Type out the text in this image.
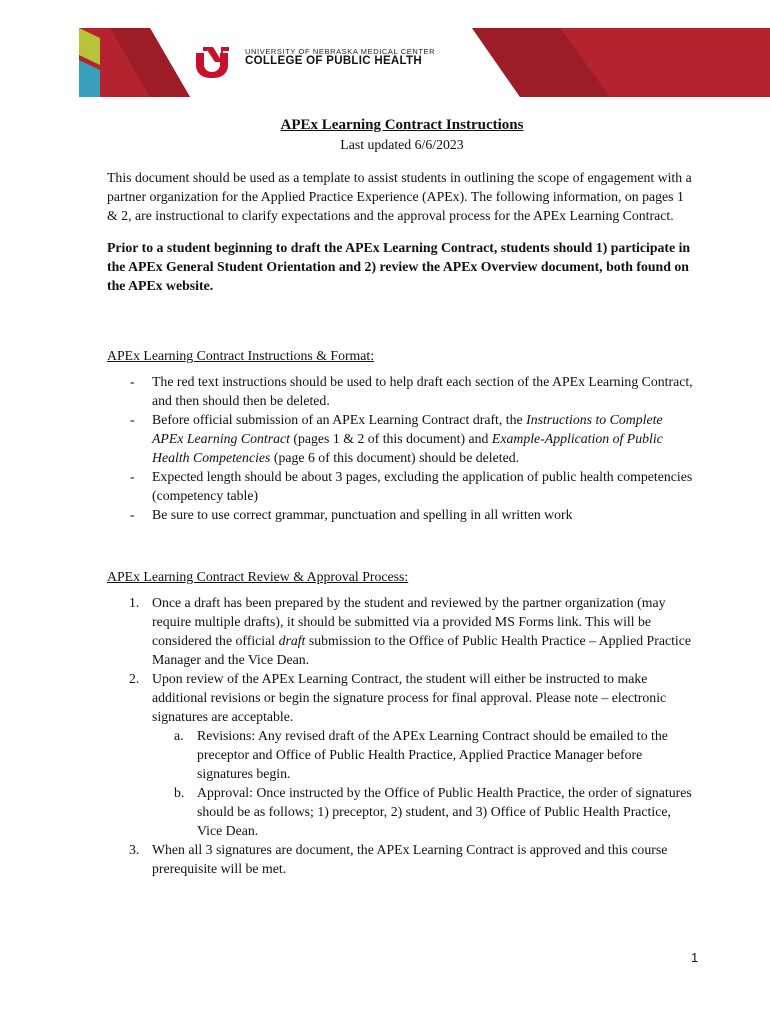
UNIVERSITY OF NEBRASKA MEDICAL CENTER
COLLEGE OF PUBLIC HEALTH

APEx Learning Contract Instructions

Last updated 6/6/2023

This document should be used as a template to assist students in outlining the scope of engagement with a partner organization for the Applied Practice Experience (APEx). The following information, on pages 1 & 2, are instructional to clarify expectations and the approval process for the APEx Learning Contract.

Prior to a student beginning to draft the APEx Learning Contract, students should 1) participate in the APEx General Student Orientation and 2) review the APEx Overview document, both found on the APEx website.

APEx Learning Contract Instructions & Format:

- The red text instructions should be used to help draft each section of the APEx Learning Contract, and then should then be deleted.
- Before official submission of an APEx Learning Contract draft, the Instructions to Complete APEx Learning Contract (pages 1 & 2 of this document) and Example-Application of Public Health Competencies (page 6 of this document) should be deleted.
- Expected length should be about 3 pages, excluding the application of public health competencies (competency table)
- Be sure to use correct grammar, punctuation and spelling in all written work

APEx Learning Contract Review & Approval Process:

1. Once a draft has been prepared by the student and reviewed by the partner organization (may require multiple drafts), it should be submitted via a provided MS Forms link. This will be considered the official draft submission to the Office of Public Health Practice – Applied Practice Manager and the Vice Dean.
2. Upon review of the APEx Learning Contract, the student will either be instructed to make additional revisions or begin the signature process for final approval. Please note – electronic signatures are acceptable.
a. Revisions: Any revised draft of the APEx Learning Contract should be emailed to the preceptor and Office of Public Health Practice, Applied Practice Manager before signatures begin.
b. Approval: Once instructed by the Office of Public Health Practice, the order of signatures should be as follows; 1) preceptor, 2) student, and 3) Office of Public Health Practice, Vice Dean.
3. When all 3 signatures are document, the APEx Learning Contract is approved and this course prerequisite will be met.
1
